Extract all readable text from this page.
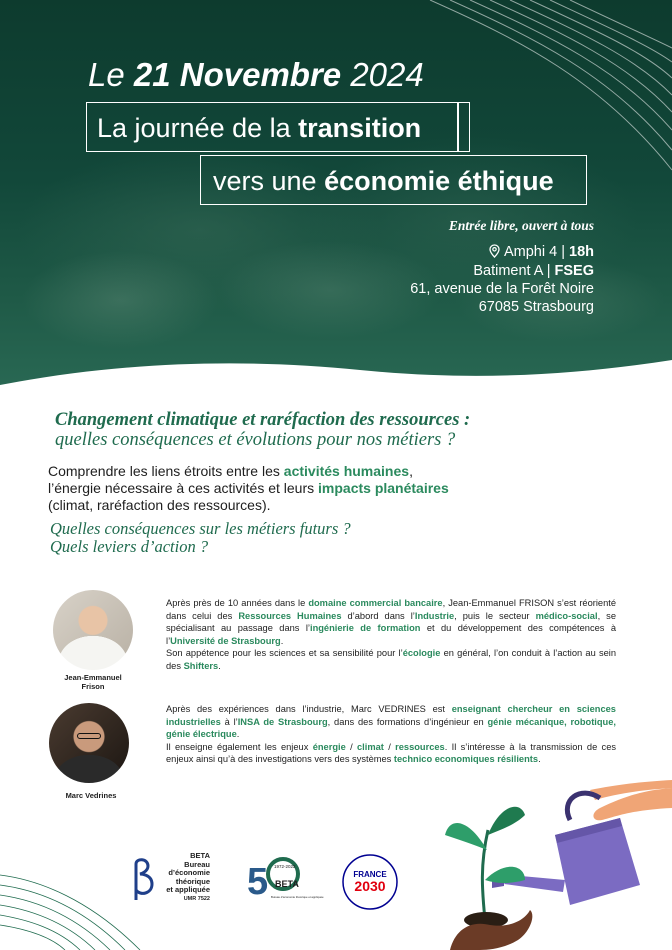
Le 21 Novembre 2024
La journée de la transition
vers une économie éthique
Entrée libre, ouvert à tous
Amphi 4 | 18h
Batiment A | FSEG
61, avenue de la Forêt Noire
67085 Strasbourg
Changement climatique et raréfaction des ressources :
quelles conséquences et évolutions pour nos métiers ?

Comprendre les liens étroits entre les activités humaines,
l’énergie nécessaire à ces activités et leurs impacts planétaires
(climat, raréfaction des ressources).

Quelles conséquences sur les métiers futurs ?
Quels leviers d’action ?
Jean-Emmanuel
Frison

Après près de 10 années dans le domaine commercial bancaire, Jean-Emmanuel FRISON s’est réorienté dans celui des Ressources Humaines d’abord dans l’Industrie, puis le secteur médico-social, se spécialisant au passage dans l’ingénierie de formation et du développement des compétences à l’Université de Strasbourg.
Son appétence pour les sciences et sa sensibilité pour l’écologie en général, l’on conduit à l’action au sein des Shifters.

Marc Vedrines

Après des expériences dans l’industrie, Marc VEDRINES est enseignant chercheur en sciences industrielles à l’INSA de Strasbourg, dans des formations d’ingénieur en génie mécanique, robotique, génie électrique.
Il enseigne également les enjeux énergie / climat / ressources. Il s’intéresse à la transmission de ces enjeux ainsi qu’à des investigations vers des systèmes technico economiques résilients.

BETA
Bureau
d’économie
théorique
et appliquée
UMR 7522 5 1972-2022
BETA
Bureau d’économie théorique et appliquée
FRANCE
2030
